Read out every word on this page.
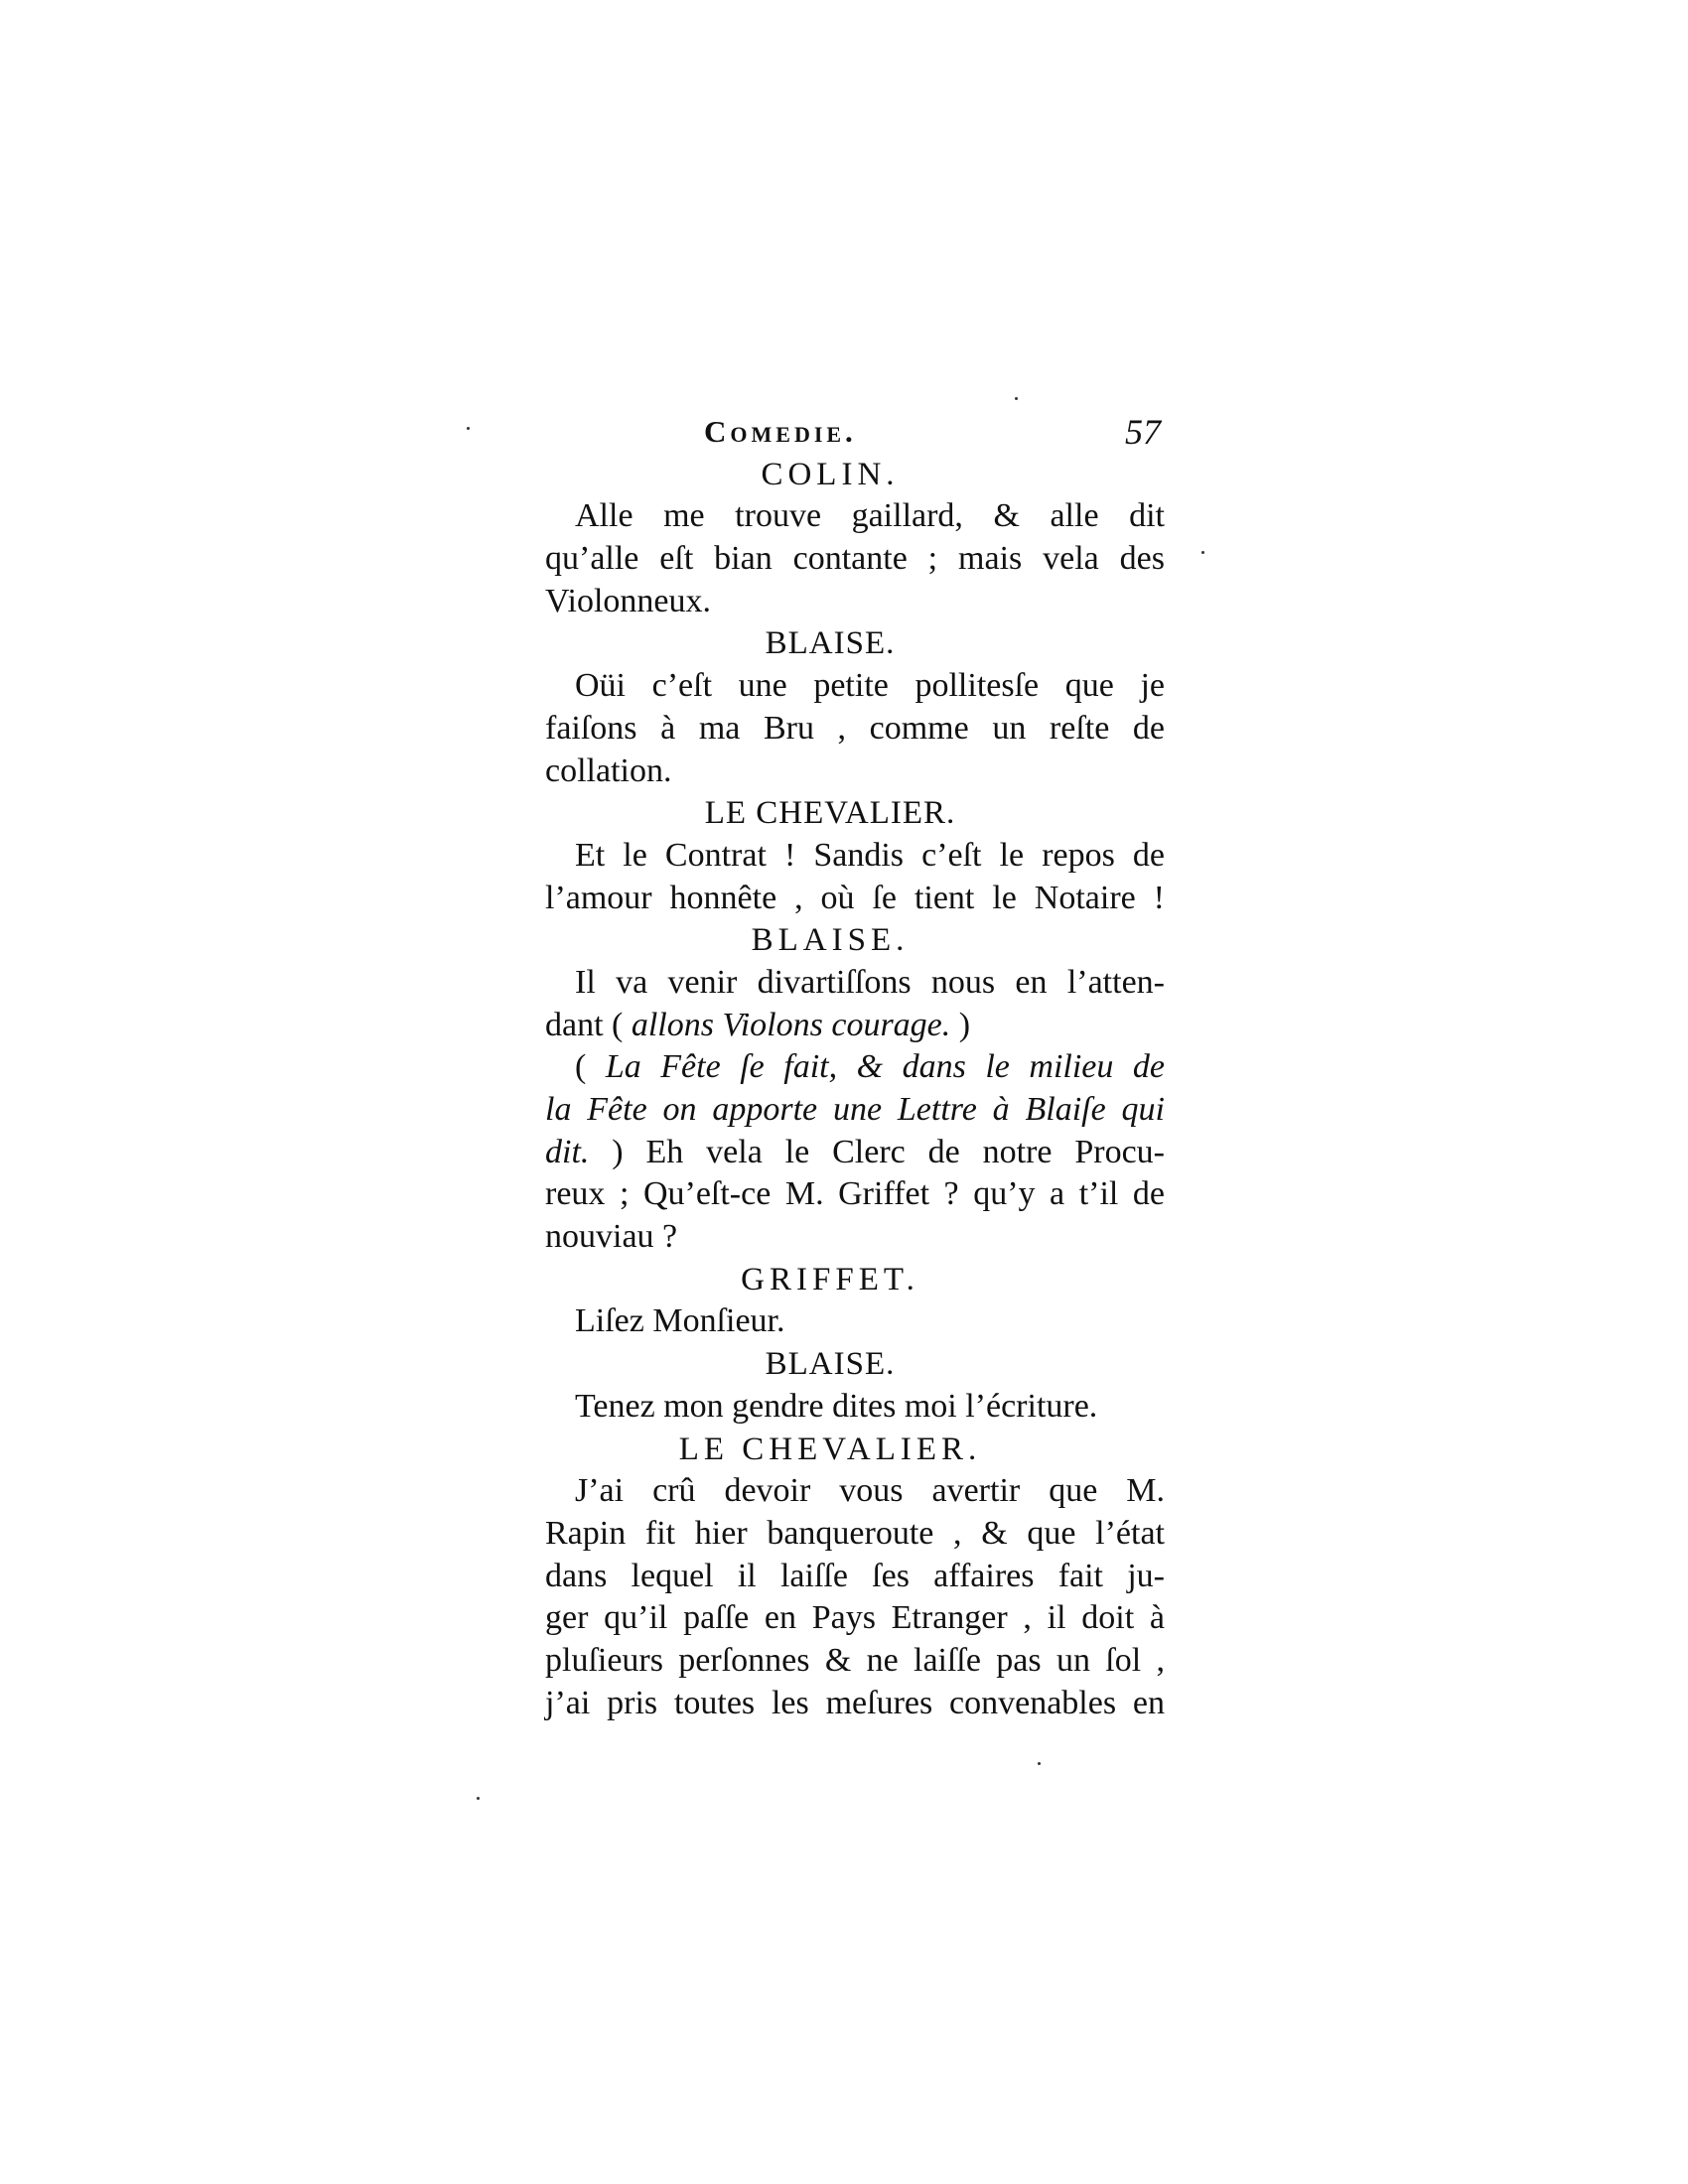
Comedie.	57
COLIN.
Alle me trouve gaillard, & alle dit
qu’alle eſt bian contante ; mais vela des
Violonneux.
BLAISE.
Oüi c’eſt une petite pollitesſe que je
faiſons à ma Bru , comme un reſte de
collation.
LE CHEVALIER.
Et le Contrat ! Sandis c’eſt le repos de
l’amour honnête , où ſe tient le Notaire !
BLAISE.
Il va venir divartiſſons nous en l’atten-
dant ( allons Violons courage. )
( La Fête ſe fait, & dans le milieu de
la Fête on apporte une Lettre à Blaiſe qui
dit. ) Eh vela le Clerc de notre Procu-
reux ; Qu’eſt-ce M. Griffet ? qu’y a t’il de
nouviau ?
GRIFFET.
Liſez Monſieur.
BLAISE.
Tenez mon gendre dites moi l’écriture.
LE CHEVALIER.
J’ai crû devoir vous avertir que M.
Rapin fit hier banqueroute , & que l’état
dans lequel il laiſſe ſes affaires fait ju-
ger qu’il paſſe en Pays Etranger , il doit à
pluſieurs perſonnes & ne laiſſe pas un ſol ,
j’ai pris toutes les meſures convenables en
